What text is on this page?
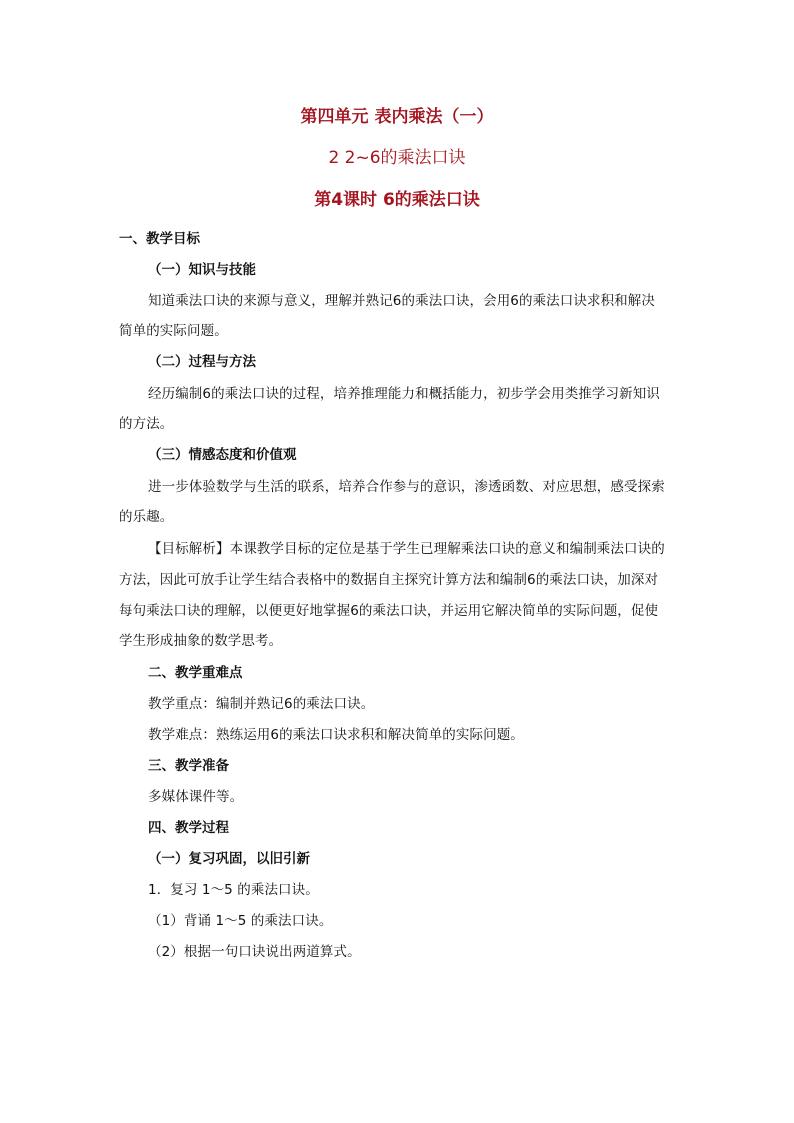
第四单元 表内乘法（一）
2 2~6的乘法口诀
第4课时 6的乘法口诀
一、教学目标
（一）知识与技能
知道乘法口诀的来源与意义，理解并熟记6的乘法口诀，会用6的乘法口诀求积和解决
简单的实际问题。
（二）过程与方法
经历编制6的乘法口诀的过程，培养推理能力和概括能力，初步学会用类推学习新知识
的方法。
（三）情感态度和价值观
进一步体验数学与生活的联系，培养合作参与的意识，渗透函数、对应思想，感受探索
的乐趣。
【目标解析】本课教学目标的定位是基于学生已理解乘法口诀的意义和编制乘法口诀的
方法，因此可放手让学生结合表格中的数据自主探究计算方法和编制6的乘法口诀，加深对
每句乘法口诀的理解，以便更好地掌握6的乘法口诀，并运用它解决简单的实际问题，促使
学生形成抽象的数学思考。
二、教学重难点
教学重点：编制并熟记6的乘法口诀。
教学难点：熟练运用6的乘法口诀求积和解决简单的实际问题。
三、教学准备
多媒体课件等。
四、教学过程
（一）复习巩固，以旧引新
1．复习 1～5 的乘法口诀。
（1）背诵 1～5 的乘法口诀。
（2）根据一句口诀说出两道算式。
